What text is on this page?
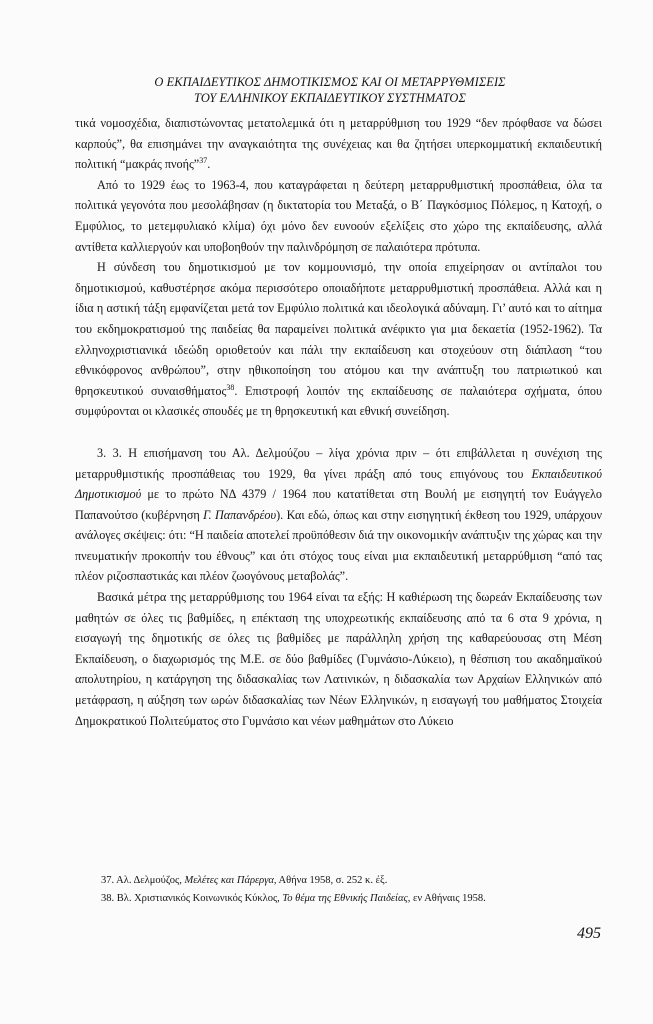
Ο ΕΚΠΑΙΔΕΥΤΙΚΟΣ ΔΗΜΟΤΙΚΙΣΜΟΣ ΚΑΙ ΟΙ ΜΕΤΑΡΡΥΘΜΙΣΕΙΣ
ΤΟΥ ΕΛΛΗΝΙΚΟΥ ΕΚΠΑΙΔΕΥΤΙΚΟΥ ΣΥΣΤΗΜΑΤΟΣ

τικά νομοσχέδια, διαπιστώνοντας μετατολεμικά ότι η μεταρρύθμιση του 1929 “δεν πρόφθασε να δώσει καρπούς”, θα επισημάνει την αναγκαιότητα της συνέχειας και θα ζητήσει υπερκομματική εκπαιδευτική πολιτική “μακράς πνοής”$^{37}$.

Από το 1929 έως το 1963-4, που καταγράφεται η δεύτερη μεταρρυθμιστική προσπάθεια, όλα τα πολιτικά γεγονότα που μεσολάβησαν (η δικτατορία του Μεταξά, ο Β΄ Παγκόσμιος Πόλεμος, η Κατοχή, ο Εμφύλιος, το μετεμφυλιακό κλίμα) όχι μόνο δεν ευνοούν εξελίξεις στο χώρο της εκπαίδευσης, αλλά αντίθετα καλλιεργούν και υποβοηθούν την παλινδρόμηση σε παλαιότερα πρότυπα.

Η σύνδεση του δημοτικισμού με τον κομμουνισμό, την οποία επιχείρησαν οι αντίπαλοι του δημοτικισμού, καθυστέρησε ακόμα περισσότερο οποιαδήποτε μεταρρυθμιστική προσπάθεια. Αλλά και η ίδια η αστική τάξη εμφανίζεται μετά τον Εμφύλιο πολιτικά και ιδεολογικά αδύναμη. Γι’ αυτό και το αίτημα του εκδημοκρατισμού της παιδείας θα παραμείνει πολιτικά ανέφικτο για μια δεκαετία (1952-1962). Τα ελληνοχριστιανικά ιδεώδη οριοθετούν και πάλι την εκπαίδευση και στοχεύουν στη διάπλαση “του εθνικόφρονος ανθρώπου”, στην ηθικοποίηση του ατόμου και την ανάπτυξη του πατριωτικού και θρησκευτικού συναισθήματος$^{38}$. Επιστροφή λοιπόν της εκπαίδευσης σε παλαιότερα σχήματα, όπου συμφύρονται οι κλασικές σπουδές με τη θρησκευτική και εθνική συνείδηση.

3. 3. Η επισήμανση του Αλ. Δελμούζου – λίγα χρόνια πριν – ότι επιβάλλεται η συνέχιση της μεταρρυθμιστικής προσπάθειας του 1929, θα γίνει πράξη από τους επιγόνους του Εκπαιδευτικού Δημοτικισμού με το πρώτο ΝΔ 4379 / 1964 που κατατίθεται στη Βουλή με εισηγητή τον Ευάγγελο Παπανούτσο (κυβέρνηση Γ. Παπανδρέου). Και εδώ, όπως και στην εισηγητική έκθεση του 1929, υπάρχουν ανάλογες σκέψεις: ότι: “Η παιδεία αποτελεί προϋπόθεσιν διά την οικονομικήν ανάπτυξιν της χώρας και την πνευματικήν προκοπήν του έθνους” και ότι στόχος τους είναι μια εκπαιδευτική μεταρρύθμιση “από τας πλέον ριζοσπαστικάς και πλέον ζωογόνους μεταβολάς”.

Βασικά μέτρα της μεταρρύθμισης του 1964 είναι τα εξής: Η καθιέρωση της δωρεάν Εκπαίδευσης των μαθητών σε όλες τις βαθμίδες, η επέκταση της υποχρεωτικής εκπαίδευσης από τα 6 στα 9 χρόνια, η εισαγωγή της δημοτικής σε όλες τις βαθμίδες με παράλληλη χρήση της καθαρεύουσας στη Μέση Εκπαίδευση, ο διαχωρισμός της Μ.Ε. σε δύο βαθμίδες (Γυμνάσιο-Λύκειο), η θέσπιση του ακαδημαϊκού απολυτηρίου, η κατάργηση της διδασκαλίας των Λατινικών, η διδασκαλία των Αρχαίων Ελληνικών από μετάφραση, η αύξηση των ωρών διδασκαλίας των Νέων Ελληνικών, η εισαγωγή του μαθήματος Στοιχεία Δημοκρατικού Πολιτεύματος στο Γυμνάσιο και νέων μαθημάτων στο Λύκειο

37. Αλ. Δελμούζος, Μελέτες και Πάρεργα, Αθήνα 1958, σ. 252 κ. έξ.
38. Βλ. Χριστιανικός Κοινωνικός Κύκλος, Το θέμα της Εθνικής Παιδείας, εν Αθήναις 1958.
495
